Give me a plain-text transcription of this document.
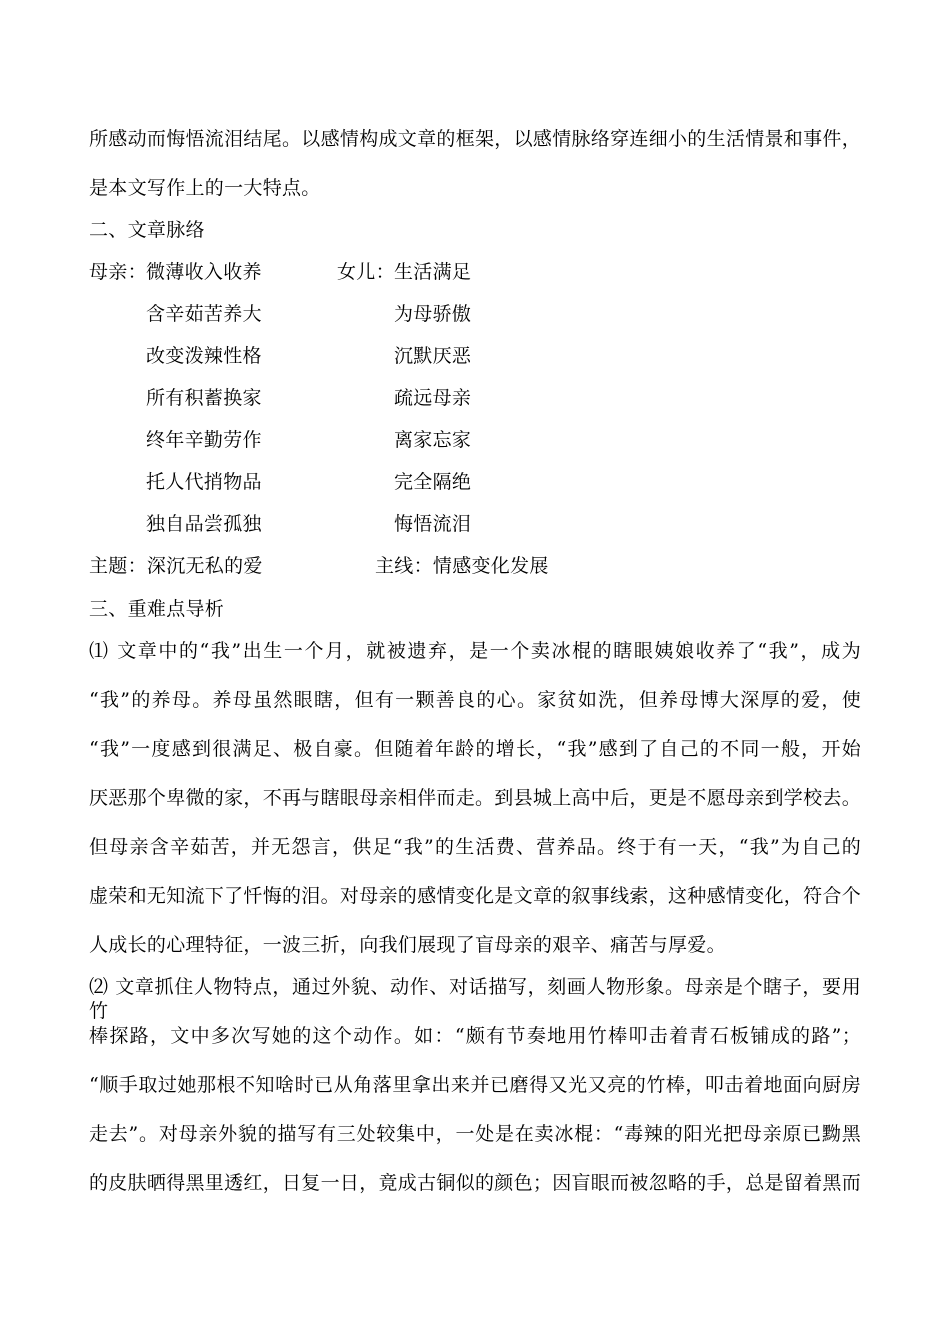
所感动而悔悟流泪结尾。以感情构成文章的框架，以感情脉络穿连细小的生活情景和事件，
是本文写作上的一大特点。
二、文章脉络
母亲：	女儿：
微薄收入收养
含辛茹苦养大
改变泼辣性格
所有积蓄换家
终年辛勤劳作
托人代捎物品
独自品尝孤独
生活满足
为母骄傲
沉默厌恶
疏远母亲
离家忘家
完全隔绝
悔悟流泪
主题：深沉无私的爱	主线：情感变化发展
三、重难点导析
⑴ 文章中的“我”出生一个月，就被遗弃，是一个卖冰棍的瞎眼姨娘收养了“我”，成为
“我”的养母。养母虽然眼瞎，但有一颗善良的心。家贫如洗，但养母博大深厚的爱，使
“我”一度感到很满足、极自豪。但随着年龄的增长，“我”感到了自己的不同一般，开始
厌恶那个卑微的家，不再与瞎眼母亲相伴而走。到县城上高中后，更是不愿母亲到学校去。
但母亲含辛茹苦，并无怨言，供足“我”的生活费、营养品。终于有一天，“我”为自己的
虚荣和无知流下了忏悔的泪。对母亲的感情变化是文章的叙事线索，这种感情变化，符合个
人成长的心理特征，一波三折，向我们展现了盲母亲的艰辛、痛苦与厚爱。
⑵ 文章抓住人物特点，通过外貌、动作、对话描写，刻画人物形象。母亲是个瞎子，要用竹
棒探路，文中多次写她的这个动作。如：“颇有节奏地用竹棒叩击着青石板铺成的路”；
“顺手取过她那根不知啥时已从角落里拿出来并已磨得又光又亮的竹棒，叩击着地面向厨房
走去”。对母亲外貌的描写有三处较集中，一处是在卖冰棍：“毒辣的阳光把母亲原已黝黑
的皮肤晒得黑里透红，日复一日，竟成古铜似的颜色；因盲眼而被忽略的手，总是留着黑而
